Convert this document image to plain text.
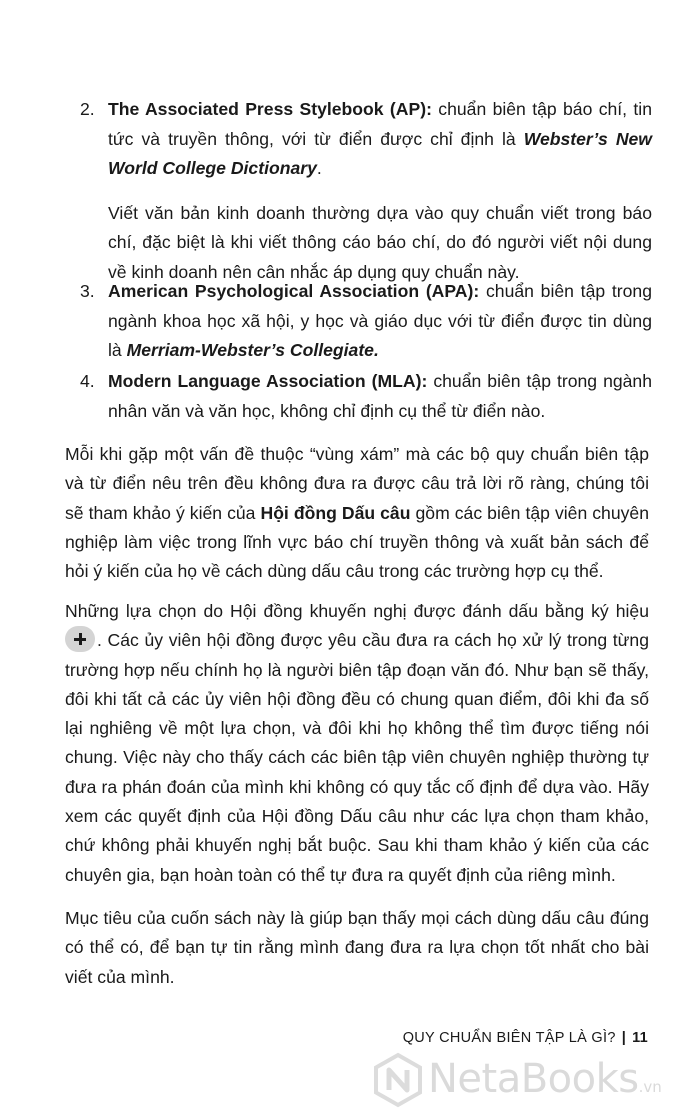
2. The Associated Press Stylebook (AP): chuẩn biên tập báo chí, tin tức và truyền thông, với từ điển được chỉ định là Webster’s New World College Dictionary.

Viết văn bản kinh doanh thường dựa vào quy chuẩn viết trong báo chí, đặc biệt là khi viết thông cáo báo chí, do đó người viết nội dung về kinh doanh nên cân nhắc áp dụng quy chuẩn này.

3. American Psychological Association (APA): chuẩn biên tập trong ngành khoa học xã hội, y học và giáo dục với từ điển được tin dùng là Merriam-Webster’s Collegiate.

4. Modern Language Association (MLA): chuẩn biên tập trong ngành nhân văn và văn học, không chỉ định cụ thể từ điển nào.

Mỗi khi gặp một vấn đề thuộc “vùng xám” mà các bộ quy chuẩn biên tập và từ điển nêu trên đều không đưa ra được câu trả lời rõ ràng, chúng tôi sẽ tham khảo ý kiến của Hội đồng Dấu câu gồm các biên tập viên chuyên nghiệp làm việc trong lĩnh vực báo chí truyền thông và xuất bản sách để hỏi ý kiến của họ về cách dùng dấu câu trong các trường hợp cụ thể.

Những lựa chọn do Hội đồng khuyến nghị được đánh dấu bằng ký hiệu . Các ủy viên hội đồng được yêu cầu đưa ra cách họ xử lý trong từng trường hợp nếu chính họ là người biên tập đoạn văn đó. Như bạn sẽ thấy, đôi khi tất cả các ủy viên hội đồng đều có chung quan điểm, đôi khi đa số lại nghiêng về một lựa chọn, và đôi khi họ không thể tìm được tiếng nói chung. Việc này cho thấy cách các biên tập viên chuyên nghiệp thường tự đưa ra phán đoán của mình khi không có quy tắc cố định để dựa vào. Hãy xem các quyết định của Hội đồng Dấu câu như các lựa chọn tham khảo, chứ không phải khuyến nghị bắt buộc. Sau khi tham khảo ý kiến của các chuyên gia, bạn hoàn toàn có thể tự đưa ra quyết định của riêng mình.

Mục tiêu của cuốn sách này là giúp bạn thấy mọi cách dùng dấu câu đúng có thể có, để bạn tự tin rằng mình đang đưa ra lựa chọn tốt nhất cho bài viết của mình.

QUY CHUẨN BIÊN TẬP LÀ GÌ? | 11
NetaBooks.vn
